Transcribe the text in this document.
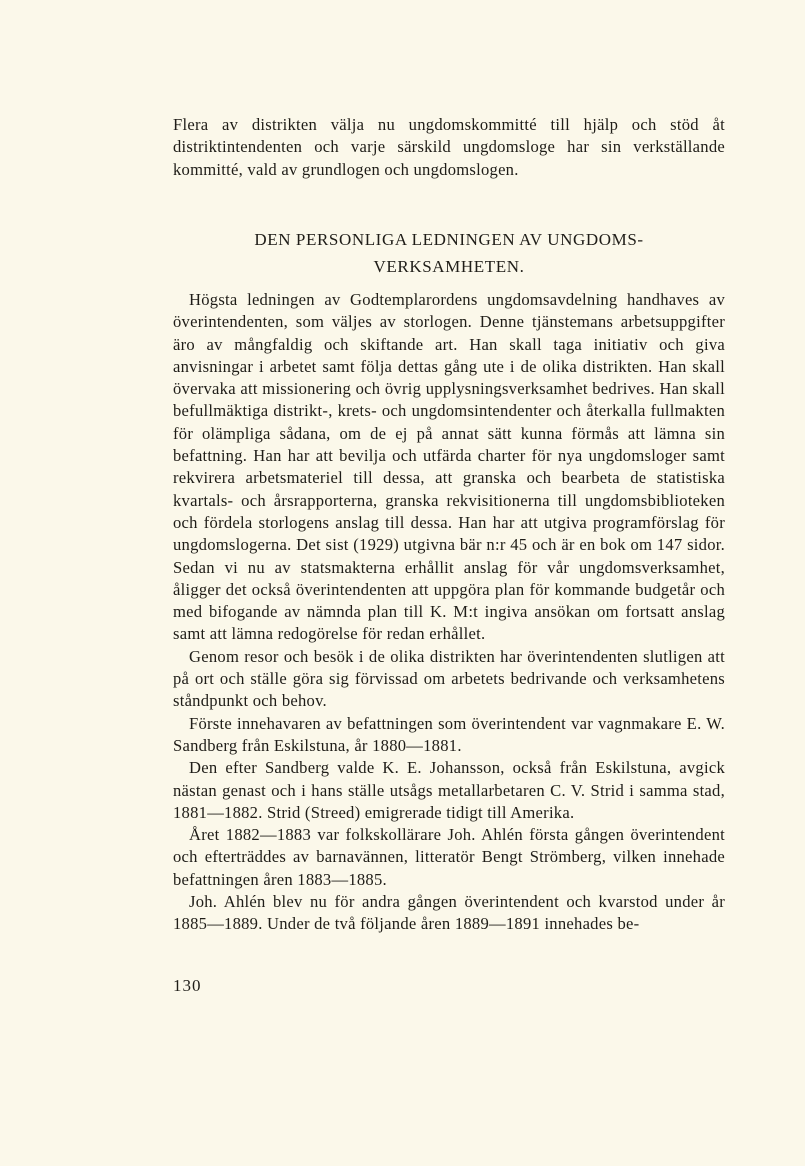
Flera av distrikten välja nu ungdomskommitté till hjälp och stöd åt distriktintendenten och varje särskild ungdomsloge har sin verkställande kommitté, vald av grundlogen och ungdomslogen.

DEN PERSONLIGA LEDNINGEN AV UNGDOMS-
VERKSAMHETEN.

Högsta ledningen av Godtemplarordens ungdomsavdelning handhaves av överintendenten, som väljes av storlogen. Denne tjänstemans arbetsuppgifter äro av mångfaldig och skiftande art. Han skall taga initiativ och giva anvisningar i arbetet samt följa dettas gång ute i de olika distrikten. Han skall övervaka att missionering och övrig upplysningsverksamhet bedrives. Han skall befullmäktiga distrikt-, krets- och ungdomsintendenter och återkalla fullmakten för olämpliga sådana, om de ej på annat sätt kunna förmås att lämna sin befattning. Han har att bevilja och utfärda charter för nya ungdomsloger samt rekvirera arbetsmateriel till dessa, att granska och bearbeta de statistiska kvartals- och årsrapporterna, granska rekvisitionerna till ungdomsbiblioteken och fördela storlogens anslag till dessa. Han har att utgiva programförslag för ungdomslogerna. Det sist (1929) utgivna bär n:r 45 och är en bok om 147 sidor. Sedan vi nu av statsmakterna erhållit anslag för vår ungdomsverksamhet, åligger det också överintendenten att uppgöra plan för kommande budgetår och med bifogande av nämnda plan till K. M:t ingiva ansökan om fortsatt anslag samt att lämna redogörelse för redan erhållet.

Genom resor och besök i de olika distrikten har överintendenten slutligen att på ort och ställe göra sig förvissad om arbetets bedrivande och verksamhetens ståndpunkt och behov.

Förste innehavaren av befattningen som överintendent var vagnmakare E. W. Sandberg från Eskilstuna, år 1880—1881.

Den efter Sandberg valde K. E. Johansson, också från Eskilstuna, avgick nästan genast och i hans ställe utsågs metallarbetaren C. V. Strid i samma stad, 1881—1882. Strid (Streed) emigrerade tidigt till Amerika.

Året 1882—1883 var folkskollärare Joh. Ahlén första gången överintendent och efterträddes av barnavännen, litteratör Bengt Strömberg, vilken innehade befattningen åren 1883—1885.

Joh. Ahlén blev nu för andra gången överintendent och kvarstod under år 1885—1889. Under de två följande åren 1889—1891 innehades be-

130
